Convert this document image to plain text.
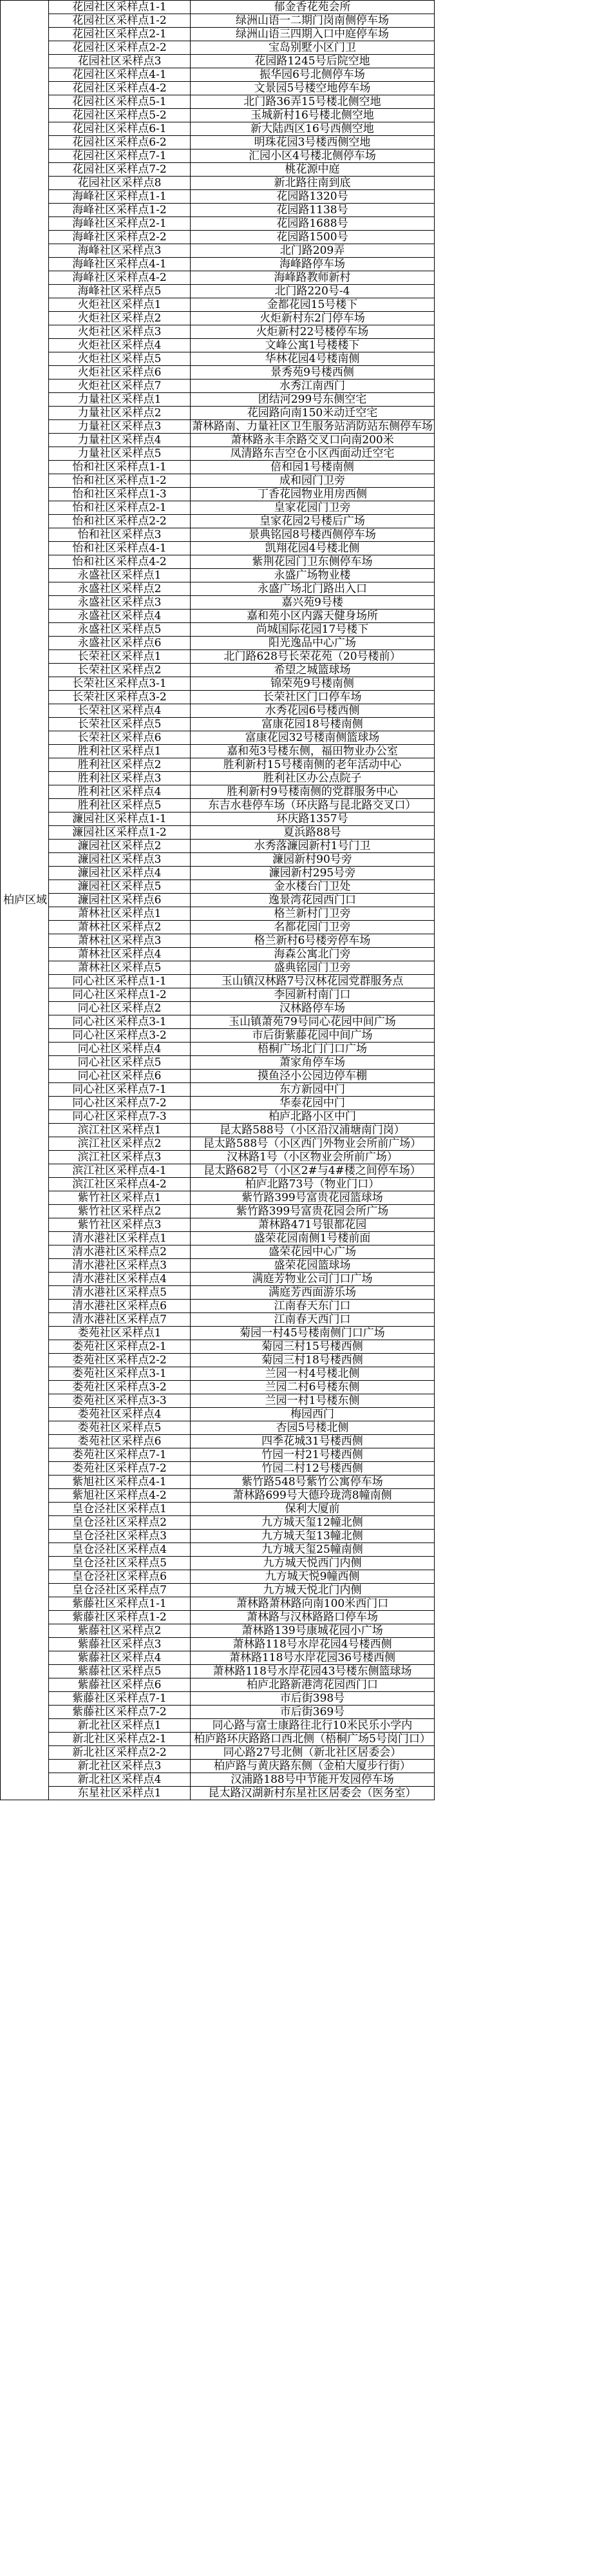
柏庐区域	花园社区采样点1-1	郁金香花苑会所
	花园社区采样点1-2	绿洲山语一二期门岗南侧停车场
	花园社区采样点2-1	绿洲山语三四期入口中庭停车场
	花园社区采样点2-2	宝岛别墅小区门卫
	花园社区采样点3	花园路1245号后院空地
	花园社区采样点4-1	振华园6号北侧停车场
	花园社区采样点4-2	文景园5号楼空地停车场
	花园社区采样点5-1	北门路36弄15号楼北侧空地
	花园社区采样点5-2	玉城新村16号楼北侧空地
	花园社区采样点6-1	新大陆西区16号西侧空地
	花园社区采样点6-2	明珠花园3号楼西侧空地
	花园社区采样点7-1	汇园小区4号楼北侧停车场
	花园社区采样点7-2	桃花源中庭
	花园社区采样点8	新北路往南到底
	海峰社区采样点1-1	花园路1320号
	海峰社区采样点1-2	花园路1138号
	海峰社区采样点2-1	花园路1688号
	海峰社区采样点2-2	花园路1500号
	海峰社区采样点3	北门路209弄
	海峰社区采样点4-1	海峰路停车场
	海峰社区采样点4-2	海峰路教师新村
	海峰社区采样点5	北门路220号-4
	火炬社区采样点1	金都花园15号楼下
	火炬社区采样点2	火炬新村东2门停车场
	火炬社区采样点3	火炬新村22号楼停车场
	火炬社区采样点4	文峰公寓1号楼楼下
	火炬社区采样点5	华林花园4号楼南侧
	火炬社区采样点6	景秀苑9号楼西侧
	火炬社区采样点7	水秀江南西门
	力量社区采样点1	团结河299号东侧空宅
	力量社区采样点2	花园路向南150米动迁空宅
	力量社区采样点3	萧林路南、力量社区卫生服务站消防站东侧停车场
	力量社区采样点4	萧林路永丰余路交叉口向南200米
	力量社区采样点5	凤清路东吉空仓小区西面动迁空宅
	怡和社区采样点1-1	倍和园1号楼南侧
	怡和社区采样点1-2	成和园门卫旁
	怡和社区采样点1-3	丁香花园物业用房西侧
	怡和社区采样点2-1	皇家花园门卫旁
	怡和社区采样点2-2	皇家花园2号楼后广场
	怡和社区采样点3	景典铭园8号楼西侧停车场
	怡和社区采样点4-1	凯翔花园4号楼北侧
	怡和社区采样点4-2	紫荆花园门卫东侧停车场
	永盛社区采样点1	永盛广场物业楼
	永盛社区采样点2	永盛广场北门路出入口
	永盛社区采样点3	嘉兴苑9号楼
	永盛社区采样点4	嘉和苑小区内露天健身场所
	永盛社区采样点5	尚城国际花园17号楼下
	永盛社区采样点6	阳光逸品中心广场
	长荣社区采样点1	北门路628号长荣花苑（20号楼前）
	长荣社区采样点2	希望之城篮球场
	长荣社区采样点3-1	锦荣苑9号楼南侧
	长荣社区采样点3-2	长荣社区门口停车场
	长荣社区采样点4	水秀花园6号楼西侧
	长荣社区采样点5	富康花园18号楼南侧
	长荣社区采样点6	富康花园32号楼南侧篮球场
	胜利社区采样点1	嘉和苑3号楼东侧，福田物业办公室
	胜利社区采样点2	胜利新村15号楼南侧的老年活动中心
	胜利社区采样点3	胜利社区办公点院子
	胜利社区采样点4	胜利新村9号楼南侧的党群服务中心
	胜利社区采样点5	东吉水巷停车场（环庆路与昆北路交叉口）
	濂园社区采样点1-1	环庆路1357号
	濂园社区采样点1-2	夏浜路88号
	濂园社区采样点2	水秀落濂园新村1号门卫
	濂园社区采样点3	濂园新村90号旁
	濂园社区采样点4	濂园新村295号旁
	濂园社区采样点5	金水楼台门卫处
	濂园社区采样点6	逸景湾花园西门口
	萧林社区采样点1	格兰新村门卫旁
	萧林社区采样点2	名都花园门卫旁
	萧林社区采样点3	格兰新村6号楼旁停车场
	萧林社区采样点4	海森公寓北门旁
	萧林社区采样点5	盛典铭园门卫旁
	同心社区采样点1-1	玉山镇汉林路7号汉林花园党群服务点
	同心社区采样点1-2	李园新村南门口
	同心社区采样点2	汉林路停车场
	同心社区采样点3-1	玉山镇萧苑79号同心花园中间广场
	同心社区采样点3-2	市后街紫藤花园中间广场
	同心社区采样点4	梧桐广场北门门口广场
	同心社区采样点5	萧家角停车场
	同心社区采样点6	摸鱼泾小公园边停车棚
	同心社区采样点7-1	东方新园中门
	同心社区采样点7-2	华泰花园中门
	同心社区采样点7-3	柏庐北路小区中门
	滨江社区采样点1	昆太路588号（小区沿汉浦塘南门岗）
	滨江社区采样点2	昆太路588号（小区西门外物业会所前广场）
	滨江社区采样点3	汉林路1号（小区物业会所前广场）
	滨江社区采样点4-1	昆太路682号（小区2#与4#楼之间停车场）
	滨江社区采样点4-2	柏庐北路73号（物业门口）
	紫竹社区采样点1	紫竹路399号富贵花园篮球场
	紫竹社区采样点2	紫竹路399号富贵花园会所广场
	紫竹社区采样点3	萧林路471号银都花园
	清水港社区采样点1	盛荣花园南侧1号楼前面
	清水港社区采样点2	盛荣花园中心广场
	清水港社区采样点3	盛荣花园篮球场
	清水港社区采样点4	满庭芳物业公司门口广场
	清水港社区采样点5	满庭芳西面游乐场
	清水港社区采样点6	江南春天东门口
	清水港社区采样点7	江南春天西门口
	娄苑社区采样点1	菊园一村45号楼南侧门口广场
	娄苑社区采样点2-1	菊园三村15号楼西侧
	娄苑社区采样点2-2	菊园三村18号楼西侧
	娄苑社区采样点3-1	兰园一村4号楼北侧
	娄苑社区采样点3-2	兰园二村6号楼东侧
	娄苑社区采样点3-3	兰园一村1号楼东侧
	娄苑社区采样点4	梅园西门
	娄苑社区采样点5	杏园5号楼北侧
	娄苑社区采样点6	四季花城31号楼西侧
	娄苑社区采样点7-1	竹园一村21号楼西侧
	娄苑社区采样点7-2	竹园二村12号楼西侧
	紫旭社区采样点4-1	紫竹路548号紫竹公寓停车场
	紫旭社区采样点4-2	萧林路699号大德玲珑湾8幢南侧
	皇仓泾社区采样点1	保利大厦前
	皇仓泾社区采样点2	九方城天玺12幢北侧
	皇仓泾社区采样点3	九方城天玺13幢北侧
	皇仓泾社区采样点4	九方城天玺25幢南侧
	皇仓泾社区采样点5	九方城天悦西门内侧
	皇仓泾社区采样点6	九方城天悦9幢西侧
	皇仓泾社区采样点7	九方城天悦北门内侧
	紫藤社区采样点1-1	萧林路萧林路向南100米西门口
	紫藤社区采样点1-2	萧林路与汉林路路口停车场
	紫藤社区采样点2	萧林路139号康城花园小广场
	紫藤社区采样点3	萧林路118号水岸花园4号楼西侧
	紫藤社区采样点4	萧林路118号水岸花园36号楼西侧
	紫藤社区采样点5	萧林路118号水岸花园43号楼东侧篮球场
	紫藤社区采样点6	柏庐北路新港湾花园西门口
	紫藤社区采样点7-1	市后街398号
	紫藤社区采样点7-2	市后街369号
	新北社区采样点1	同心路与富士康路往北行10米民乐小学内
	新北社区采样点2-1	柏庐路环庆路路口西北侧（梧桐广场5号岗门口）
	新北社区采样点2-2	同心路27号北侧（新北社区居委会）
	新北社区采样点3	柏庐路与黄庆路东侧（金柏大厦步行街）
	新北社区采样点4	汉浦路188号中节能开发园停车场
	东星社区采样点1	昆太路汉湖新村东星社区居委会（医务室）
